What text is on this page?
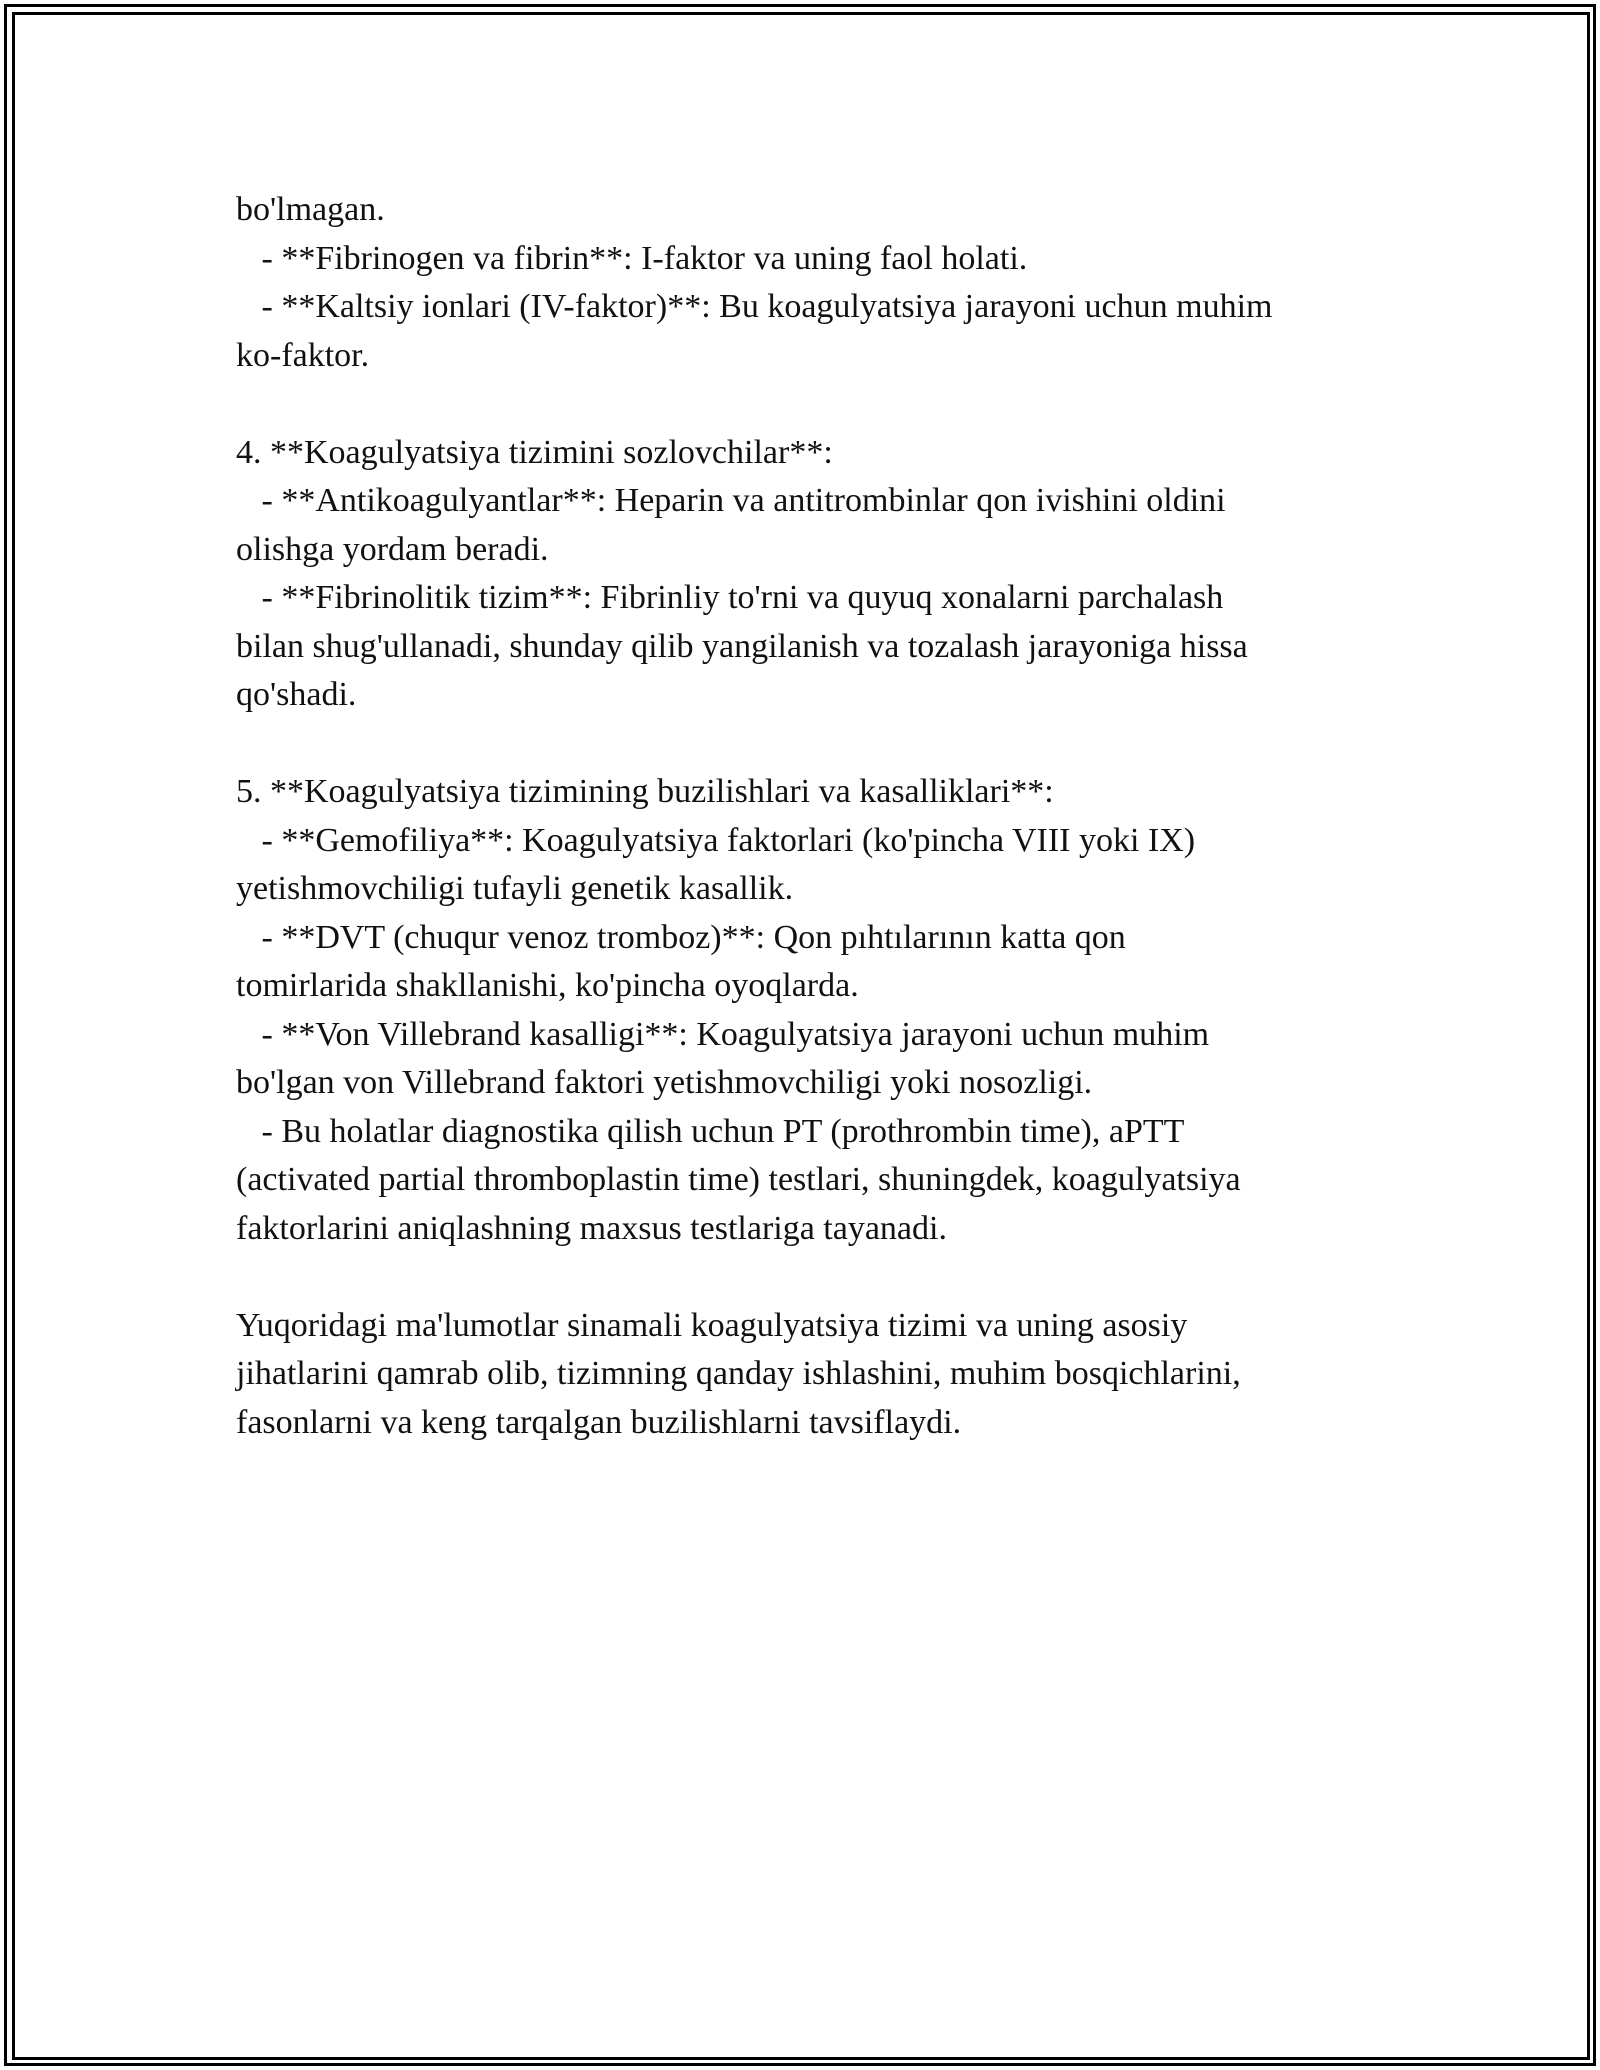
bo'lmagan.
- **Fibrinogen va fibrin**: I-faktor va uning faol holati.
- **Kaltsiy ionlari (IV-faktor)**: Bu koagulyatsiya jarayoni uchun muhim
ko-faktor.
4. **Koagulyatsiya tizimini sozlovchilar**:
- **Antikoagulyantlar**: Heparin va antitrombinlar qon ivishini oldini
olishga yordam beradi.
- **Fibrinolitik tizim**: Fibrinliy to'rni va quyuq xonalarni parchalash
bilan shug'ullanadi, shunday qilib yangilanish va tozalash jarayoniga hissa
qo'shadi.
5. **Koagulyatsiya tizimining buzilishlari va kasalliklari**:
- **Gemofiliya**: Koagulyatsiya faktorlari (ko'pincha VIII yoki IX)
yetishmovchiligi tufayli genetik kasallik.
- **DVT (chuqur venoz tromboz)**: Qon pıhtılarının katta qon
tomirlarida shakllanishi, ko'pincha oyoqlarda.
- **Von Villebrand kasalligi**: Koagulyatsiya jarayoni uchun muhim
bo'lgan von Villebrand faktori yetishmovchiligi yoki nosozligi.
- Bu holatlar diagnostika qilish uchun PT (prothrombin time), aPTT
(activated partial thromboplastin time) testlari, shuningdek, koagulyatsiya
faktorlarini aniqlashning maxsus testlariga tayanadi.
Yuqoridagi ma'lumotlar sinamali koagulyatsiya tizimi va uning asosiy
jihatlarini qamrab olib, tizimning qanday ishlashini, muhim bosqichlarini,
fasonlarni va keng tarqalgan buzilishlarni tavsiflaydi.
